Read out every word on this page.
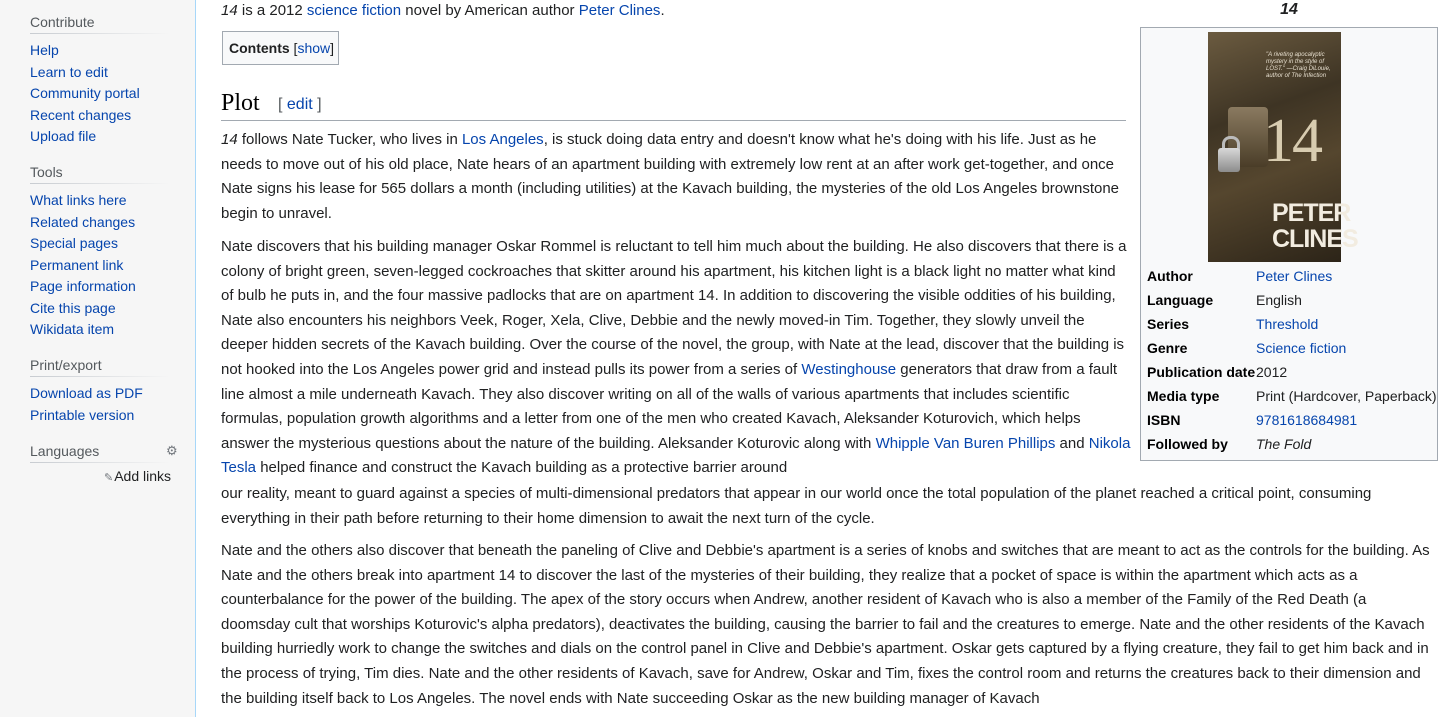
Contribute
Help
Learn to edit
Community portal
Recent changes
Upload file
Tools
What links here
Related changes
Special pages
Permanent link
Page information
Cite this page
Wikidata item
Print/export
Download as PDF
Printable version
Languages	⚙
✎Add links

14 is a 2012 science fiction novel by American author Peter Clines.

Contents [show]
Plot [ edit ]

14 follows Nate Tucker, who lives in Los Angeles, is stuck doing data entry and doesn't know what he's doing with his life. Just as he needs to move out of his old place, Nate hears of an apartment building with extremely low rent at an after work get-together, and once Nate signs his lease for 565 dollars a month (including utilities) at the Kavach building, the mysteries of the old Los Angeles brownstone begin to unravel.

Nate discovers that his building manager Oskar Rommel is reluctant to tell him much about the building. He also discovers that there is a colony of bright green, seven-legged cockroaches that skitter around his apartment, his kitchen light is a black light no matter what kind of bulb he puts in, and the four massive padlocks that are on apartment 14. In addition to discovering the visible oddities of his building, Nate also encounters his neighbors Veek, Roger, Xela, Clive, Debbie and the newly moved-in Tim. Together, they slowly unveil the deeper hidden secrets of the Kavach building. Over the course of the novel, the group, with Nate at the lead, discover that the building is not hooked into the Los Angeles power grid and instead pulls its power from a series of Westinghouse generators that draw from a fault line almost a mile underneath Kavach. They also discover writing on all of the walls of various apartments that includes scientific formulas, population growth algorithms and a letter from one of the men who created Kavach, Aleksander Koturovich, which helps answer the mysterious questions about the nature of the building. Aleksander Koturovic along with Whipple Van Buren Phillips and Nikola Tesla helped finance and construct the Kavach building as a protective barrier around

our reality, meant to guard against a species of multi-dimensional predators that appear in our world once the total population of the planet reached a critical point, consuming everything in their path before returning to their home dimension to await the next turn of the cycle.

Nate and the others also discover that beneath the paneling of Clive and Debbie's apartment is a series of knobs and switches that are meant to act as the controls for the building. As Nate and the others break into apartment 14 to discover the last of the mysteries of their building, they realize that a pocket of space is within the apartment which acts as a counterbalance for the power of the building. The apex of the story occurs when Andrew, another resident of Kavach who is also a member of the Family of the Red Death (a doomsday cult that worships Koturovic's alpha predators), deactivates the building, causing the barrier to fail and the creatures to emerge. Nate and the other residents of the Kavach building hurriedly work to change the switches and dials on the control panel in Clive and Debbie's apartment. Oskar gets captured by a flying creature, they fail to get him back and in the process of trying, Tim dies. Nate and the other residents of Kavach, save for Andrew, Oskar and Tim, fixes the control room and returns the creatures back to their dimension and the building itself back to Los Angeles. The novel ends with Nate succeeding Oskar as the new building manager of Kavach

14
"A riveting apocalyptic mystery in the style of LOST." —Craig DiLouie, author of The Infection
14
PETER
CLINES
Author	Peter Clines
Language	English
Series	Threshold
Genre	Science fiction
Publication date 2012
Media type	Print (Hardcover, Paperback)
ISBN	9781618684981
Followed by The Fold
